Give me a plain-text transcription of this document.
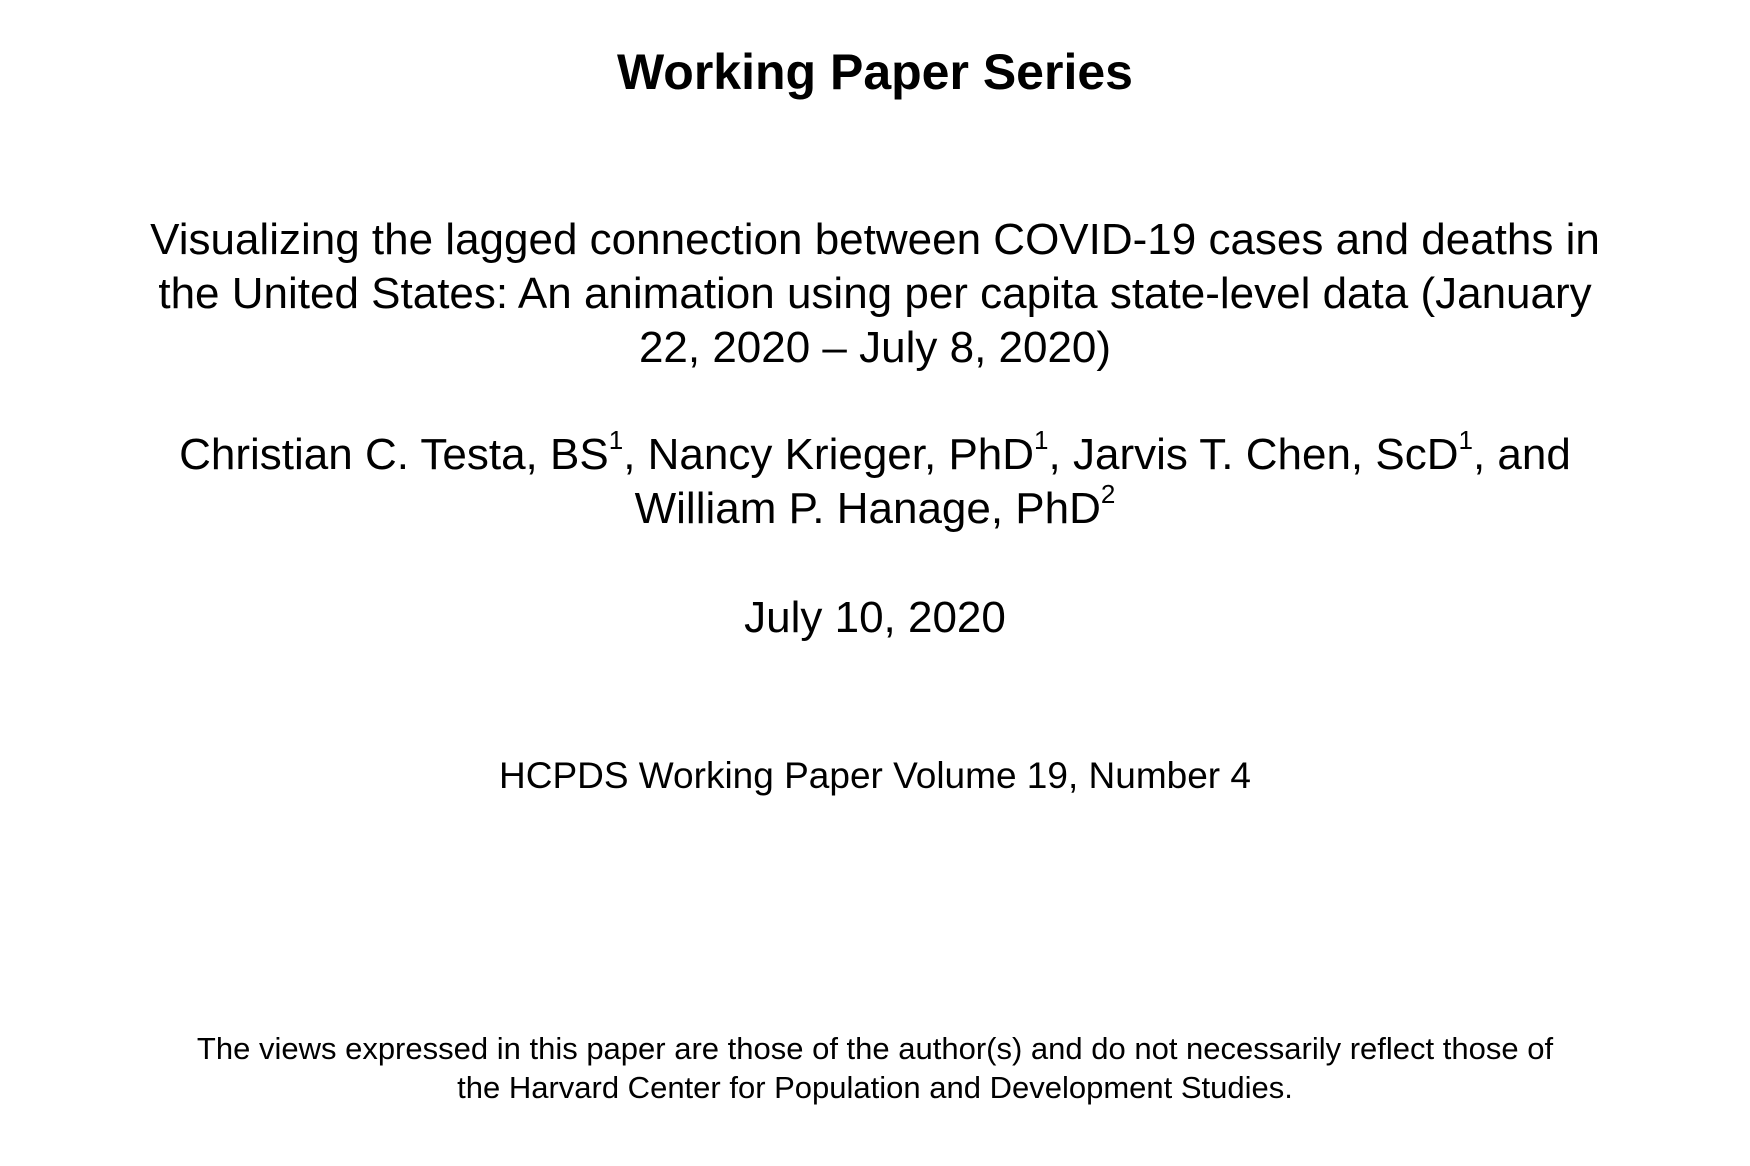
Working Paper Series
Visualizing the lagged connection between COVID-19 cases and deaths in
the United States: An animation using per capita state-level data (January
22, 2020 – July 8, 2020)
Christian C. Testa, $BS^1$, Nancy Krieger, PhD$^1$, Jarvis T. Chen, ScD$^1$, and
William P. Hanage, PhD$^2$
July 10, 2020
HCPDS Working Paper Volume 19, Number 4
The views expressed in this paper are those of the author(s) and do not necessarily reflect those of
the Harvard Center for Population and Development Studies.
